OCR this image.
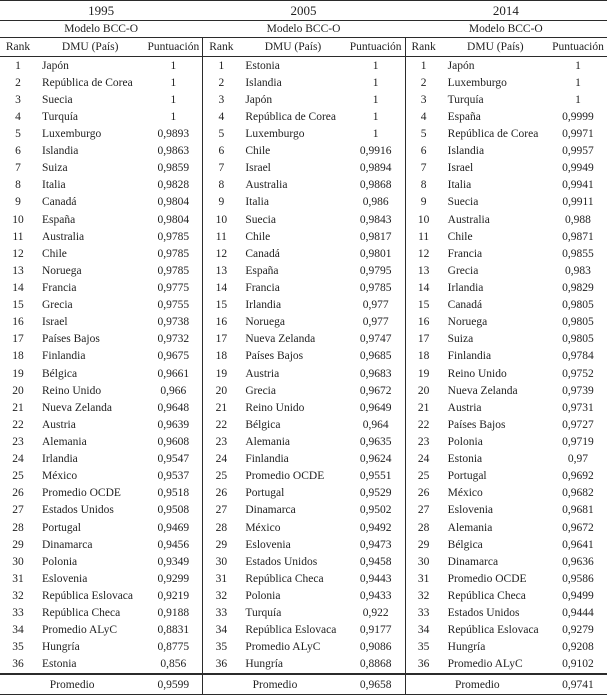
1995
Modelo BCC-O
Rank	DMU (País)	Puntuación
1	Japón	1
2	República de Corea	1
3	Suecia	1
4	Turquía	1
5	Luxemburgo	0,9893
6	Islandia	0,9863
7	Suiza	0,9859
8	Italia	0,9828
9	Canadá	0,9804
10	España	0,9804
11	Australia	0,9785
12	Chile	0,9785
13	Noruega	0,9785
14	Francia	0,9775
15	Grecia	0,9755
16	Israel	0,9738
17	Países Bajos	0,9732
18	Finlandia	0,9675
19	Bélgica	0,9661
20	Reino Unido	0,966
21	Nueva Zelanda	0,9648
22	Austria	0,9639
23	Alemania	0,9608
24	Irlandia	0,9547
25	México	0,9537
26	Promedio OCDE	0,9518
27	Estados Unidos	0,9508
28	Portugal	0,9469
29	Dinamarca	0,9456
30	Polonia	0,9349
31	Eslovenia	0,9299
32	República Eslovaca	0,9219
33	República Checa	0,9188
34	Promedio ALyC	0,8831
35	Hungría	0,8775
36	Estonia	0,856
Promedio	0,9599
2005
Modelo BCC-O
Rank	DMU (País)	Puntuación
1	Estonia	1
2	Islandia	1
3	Japón	1
4	República de Corea	1
5	Luxemburgo	1
6	Chile	0,9916
7	Israel	0,9894
8	Australia	0,9868
9	Italia	0,986
10	Suecia	0,9843
11	Chile	0,9817
12	Canadá	0,9801
13	España	0,9795
14	Francia	0,9785
15	Irlandia	0,977
16	Noruega	0,977
17	Nueva Zelanda	0,9747
18	Países Bajos	0,9685
19	Austria	0,9683
20	Grecia	0,9672
21	Reino Unido	0,9649
22	Bélgica	0,964
23	Alemania	0,9635
24	Finlandia	0,9624
25	Promedio OCDE	0,9551
26	Portugal	0,9529
27	Dinamarca	0,9502
28	México	0,9492
29	Eslovenia	0,9473
30	Estados Unidos	0,9458
31	República Checa	0,9443
32	Polonia	0,9433
33	Turquía	0,922
34	República Eslovaca	0,9177
35	Promedio ALyC	0,9086
36	Hungría	0,8868
Promedio	0,9658
2014
Modelo BCC-O
Rank	DMU (País)	Puntuación
1	Japón	1
2	Luxemburgo	1
3	Turquía	1
4	España	0,9999
5	República de Corea	0,9971
6	Islandia	0,9957
7	Israel	0,9949
8	Italia	0,9941
9	Suecia	0,9911
10	Australia	0,988
11	Chile	0,9871
12	Francia	0,9855
13	Grecia	0,983
14	Irlandia	0,9829
15	Canadá	0,9805
16	Noruega	0,9805
17	Suiza	0,9805
18	Finlandia	0,9784
19	Reino Unido	0,9752
20	Nueva Zelanda	0,9739
21	Austria	0,9731
22	Países Bajos	0,9727
23	Polonia	0,9719
24	Estonia	0,97
25	Portugal	0,9692
26	México	0,9682
27	Eslovenia	0,9681
28	Alemania	0,9672
29	Bélgica	0,9641
30	Dinamarca	0,9636
31	Promedio OCDE	0,9586
32	República Checa	0,9499
33	Estados Unidos	0,9444
34	República Eslovaca	0,9279
35	Hungría	0,9208
36	Promedio ALyC	0,9102
Promedio	0,9741
